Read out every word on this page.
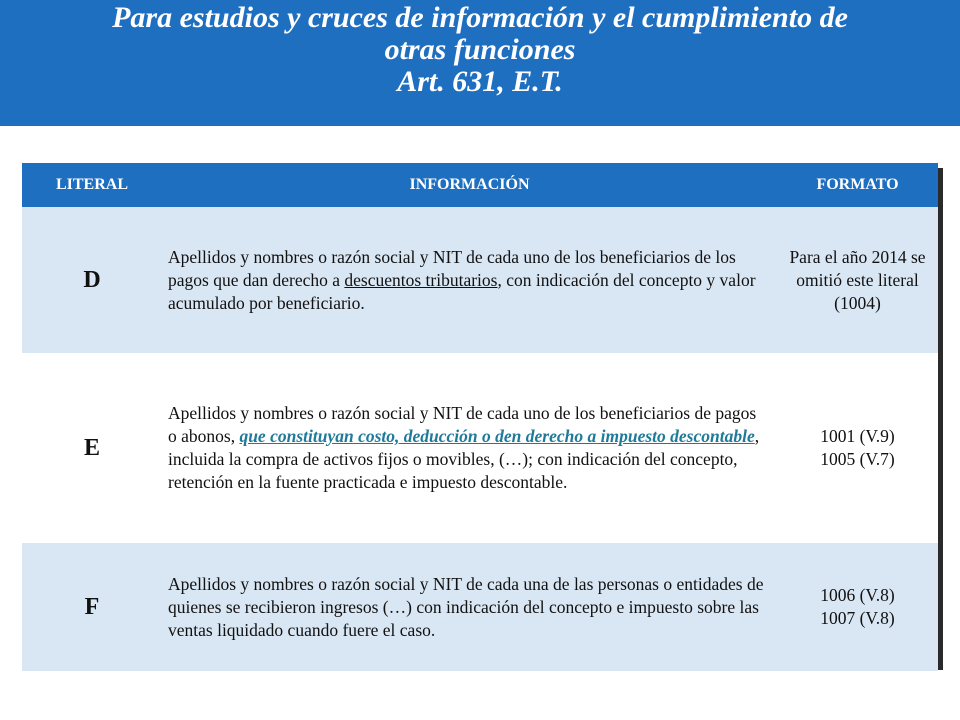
Para estudios y cruces de información y el cumplimiento de
otras funciones
Art. 631, E.T.
LITERAL	INFORMACIÓN	FORMATO
D	Apellidos y nombres o razón social y NIT de cada uno de los beneficiarios de los pagos que dan derecho a descuentos tributarios, con indicación del concepto y valor acumulado por beneficiario.	Para el año 2014 se omitió este literal (1004)
E	Apellidos y nombres o razón social y NIT de cada uno de los beneficiarios de pagos o abonos, que constituyan costo, deducción o den derecho a impuesto descontable, incluida la compra de activos fijos o movibles, (…); con indicación del concepto, retención en la fuente practicada e impuesto descontable.	1001 (V.9)
1005 (V.7)

F	Apellidos y nombres o razón social y NIT de cada una de las personas o entidades de quienes se recibieron ingresos (…) con indicación del concepto e impuesto sobre las ventas liquidado cuando fuere el caso.	1006 (V.8)
1007 (V.8)
